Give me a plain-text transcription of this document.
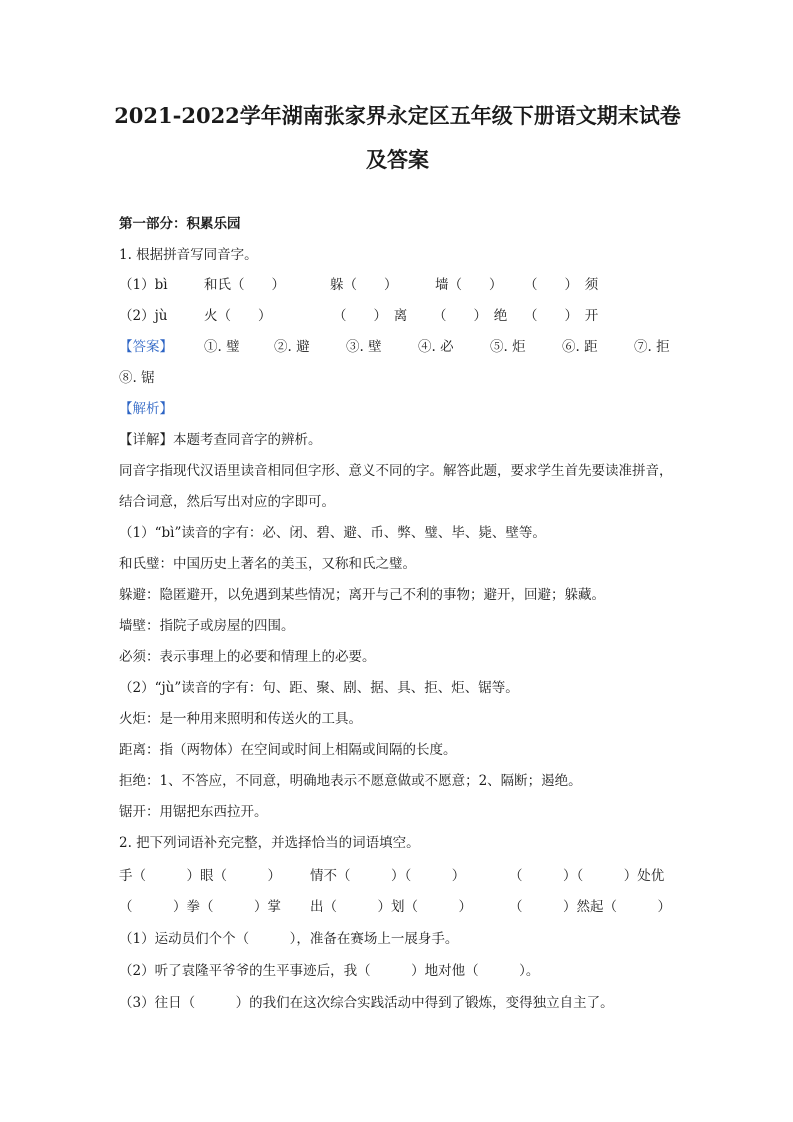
2021-2022学年湖南张家界永定区五年级下册语文期末试卷
及答案
第一部分：积累乐园
1. 根据拼音写同音字。
（1）bì	和氏（　　）	躲（　　）	墙（　　） （　　）　须
（2）jù	火（　　）	（　　）　离 （　　）　绝 （　　）　开
【答案】 ①. 璧	②. 避	③. 壁	④. 必	⑤. 炬	⑥. 距	⑦. 拒
⑧. 锯
【解析】
【详解】本题考查同音字的辨析。
同音字指现代汉语里读音相同但字形、意义不同的字。解答此题，要求学生首先要读准拼音，
结合词意，然后写出对应的字即可。
（1）“bì”读音的字有：必、闭、碧、避、币、弊、璧、毕、毙、壁等。
和氏璧：中国历史上著名的美玉，又称和氏之璧。
躲避：隐匿避开，以免遇到某些情况；离开与己不利的事物；避开，回避；躲藏。
墙壁：指院子或房屋的四围。
必须：表示事理上的必要和情理上的必要。
（2）“jù”读音的字有：句、距、聚、剧、据、具、拒、炬、锯等。
火炬：是一种用来照明和传送火的工具。
距离：指（两物体）在空间或时间上相隔或间隔的长度。
拒绝：1、不答应，不同意，明确地表示不愿意做或不愿意；2、隔断；遏绝。
锯开：用锯把东西拉开。
2. 把下列词语补充完整，并选择恰当的词语填空。
手（　　　）眼（　　　） 情不（　　　）（　　　）	（　　　）（　　　）处优
（　　　）拳（　　　）掌 出（　　　）划（　　　）	（　　　）然起（　　　）
（1）运动员们个个（　　　），准备在赛场上一展身手。
（2）听了袁隆平爷爷的生平事迹后，我（　　　）地对他（　　　）。
（3）往日（　　　）的我们在这次综合实践活动中得到了锻炼，变得独立自主了。
